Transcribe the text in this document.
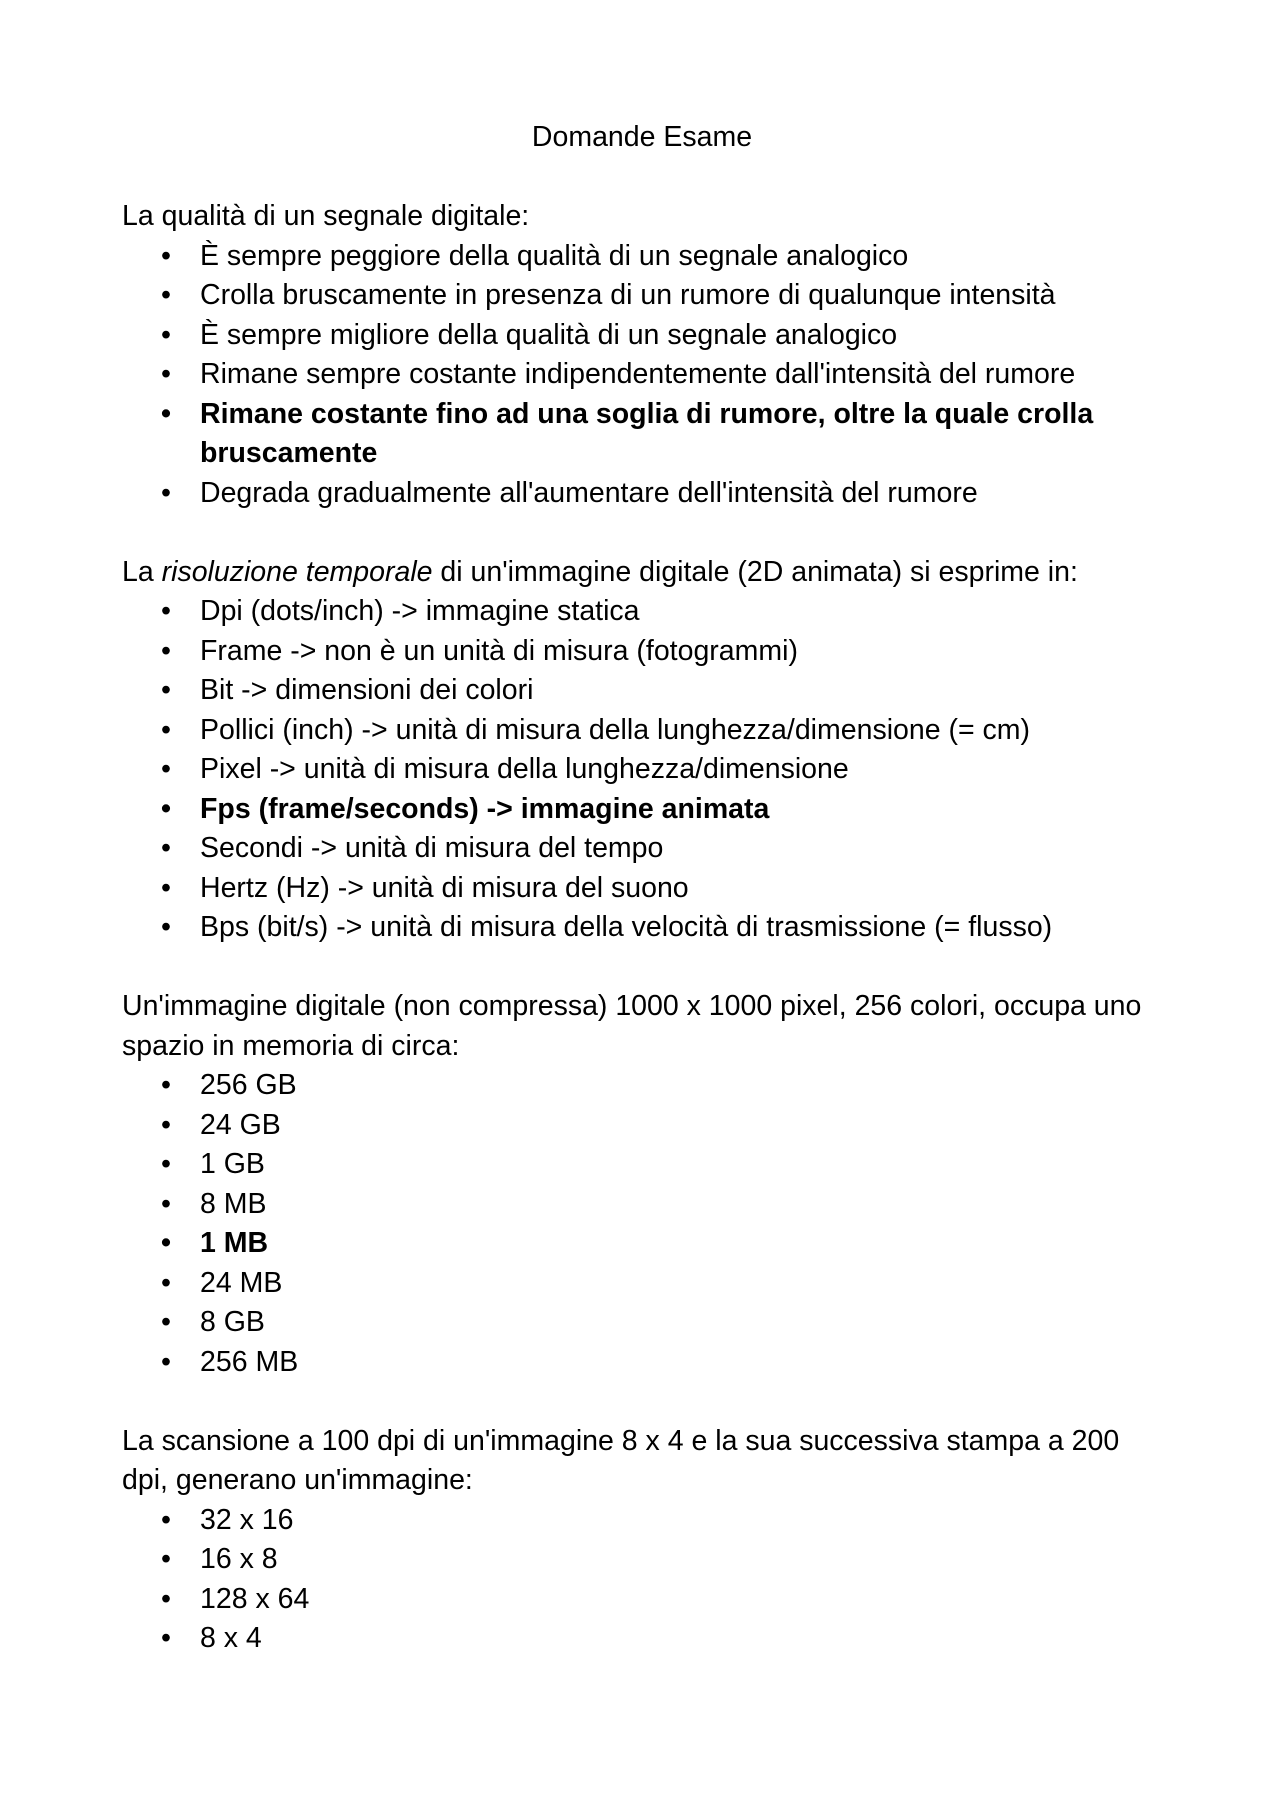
Domande Esame

La qualità di un segnale digitale:

• È sempre peggiore della qualità di un segnale analogico
• Crolla bruscamente in presenza di un rumore di qualunque intensità
• È sempre migliore della qualità di un segnale analogico
• Rimane sempre costante indipendentemente dall'intensità del rumore
• Rimane costante fino ad una soglia di rumore, oltre la quale crolla bruscamente
• Degrada gradualmente all'aumentare dell'intensità del rumore

La risoluzione temporale di un'immagine digitale (2D animata) si esprime in:

• Dpi (dots/inch) -> immagine statica
• Frame -> non è un unità di misura (fotogrammi)
• Bit -> dimensioni dei colori
• Pollici (inch) -> unità di misura della lunghezza/dimensione (= cm)
• Pixel -> unità di misura della lunghezza/dimensione
• Fps (frame/seconds) -> immagine animata
• Secondi -> unità di misura del tempo
• Hertz (Hz) -> unità di misura del suono
• Bps (bit/s) -> unità di misura della velocità di trasmissione (= flusso)

Un'immagine digitale (non compressa) 1000 x 1000 pixel, 256 colori, occupa uno spazio in memoria di circa:

• 256 GB
• 24 GB
• 1 GB
• 8 MB
• 1 MB
• 24 MB
• 8 GB
• 256 MB

La scansione a 100 dpi di un'immagine 8 x 4 e la sua successiva stampa a 200 dpi, generano un'immagine:

• 32 x 16
• 16 x 8
• 128 x 64
• 8 x 4
